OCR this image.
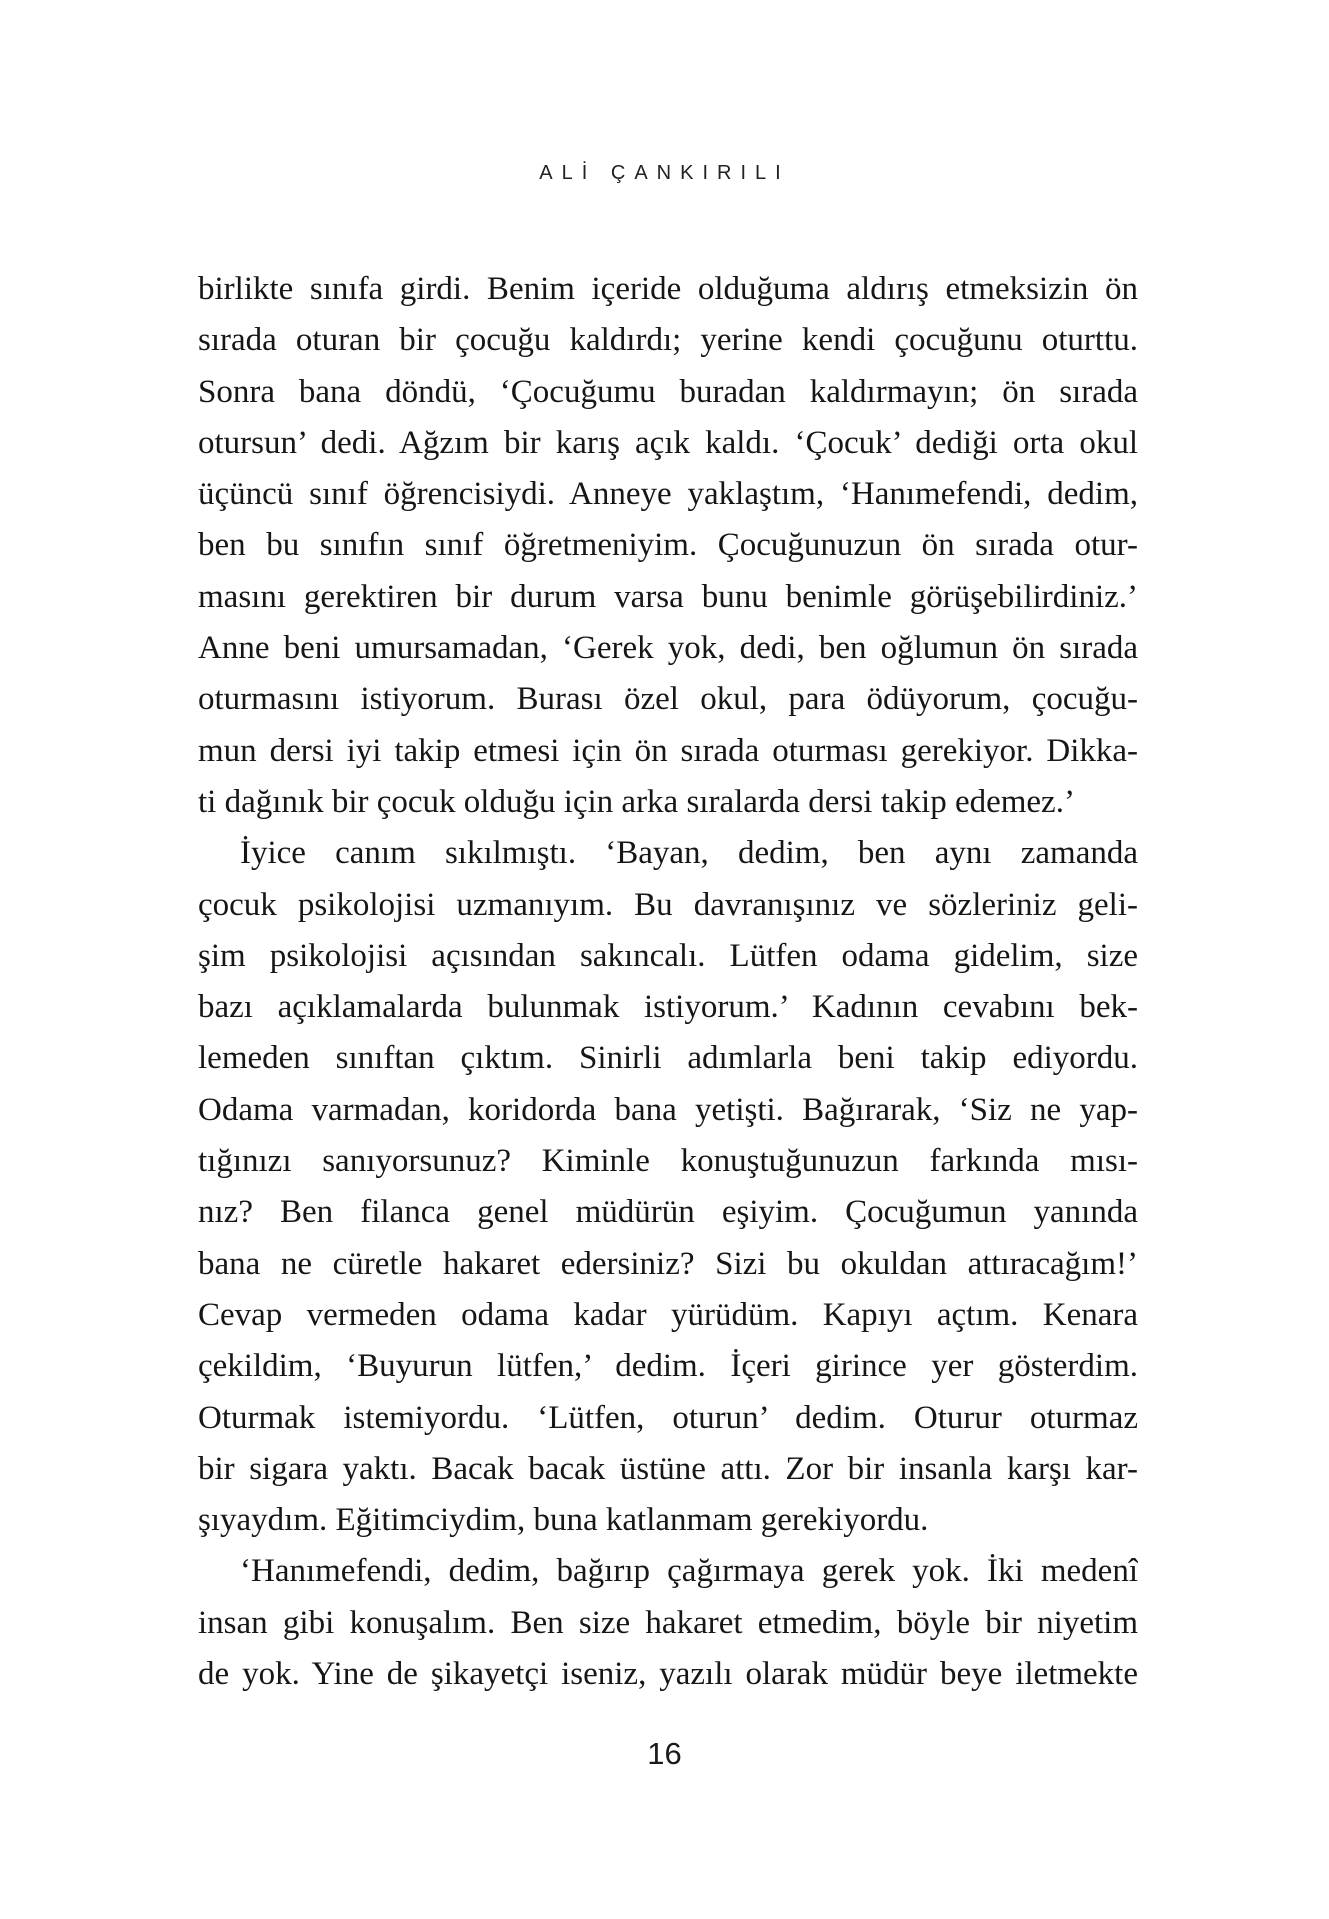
ALİ ÇANKIRILI
birlikte sınıfa girdi. Benim içeride olduğuma aldırış etmeksizin ön
sırada oturan bir çocuğu kaldırdı; yerine kendi çocuğunu oturttu.
Sonra bana döndü, ‘Çocuğumu buradan kaldırmayın; ön sırada
otursun’ dedi. Ağzım bir karış açık kaldı. ‘Çocuk’ dediği orta okul
üçüncü sınıf öğrencisiydi. Anneye yaklaştım, ‘Hanımefendi, dedim,
ben bu sınıfın sınıf öğretmeniyim. Çocuğunuzun ön sırada otur-
masını gerektiren bir durum varsa bunu benimle görüşebilirdiniz.’
Anne beni umursamadan, ‘Gerek yok, dedi, ben oğlumun ön sırada
oturmasını istiyorum. Burası özel okul, para ödüyorum, çocuğu-
mun dersi iyi takip etmesi için ön sırada oturması gerekiyor. Dikka-
ti dağınık bir çocuk olduğu için arka sıralarda dersi takip edemez.’
İyice canım sıkılmıştı. ‘Bayan, dedim, ben aynı zamanda
çocuk psikolojisi uzmanıyım. Bu davranışınız ve sözleriniz geli-
şim psikolojisi açısından sakıncalı. Lütfen odama gidelim, size
bazı açıklamalarda bulunmak istiyorum.’ Kadının cevabını bek-
lemeden sınıftan çıktım. Sinirli adımlarla beni takip ediyordu.
Odama varmadan, koridorda bana yetişti. Bağırarak, ‘Siz ne yap-
tığınızı sanıyorsunuz? Kiminle konuştuğunuzun farkında mısı-
nız? Ben filanca genel müdürün eşiyim. Çocuğumun yanında
bana ne cüretle hakaret edersiniz? Sizi bu okuldan attıracağım!’
Cevap vermeden odama kadar yürüdüm. Kapıyı açtım. Kenara
çekildim, ‘Buyurun lütfen,’ dedim. İçeri girince yer gösterdim.
Oturmak istemiyordu. ‘Lütfen, oturun’ dedim. Oturur oturmaz
bir sigara yaktı. Bacak bacak üstüne attı. Zor bir insanla karşı kar-
şıyaydım. Eğitimciydim, buna katlanmam gerekiyordu.
‘Hanımefendi, dedim, bağırıp çağırmaya gerek yok. İki medenî
insan gibi konuşalım. Ben size hakaret etmedim, böyle bir niyetim
de yok. Yine de şikayetçi iseniz, yazılı olarak müdür beye iletmekte
16
